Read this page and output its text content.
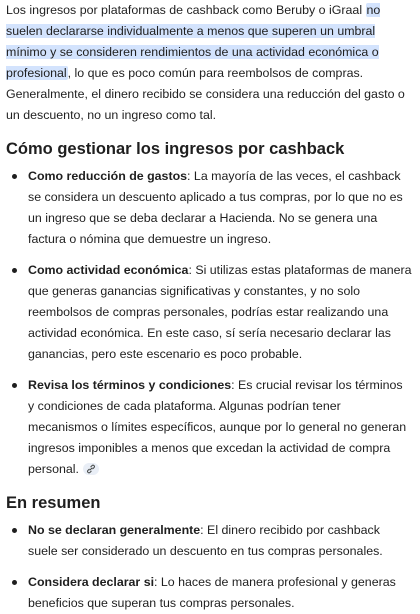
Los ingresos por plataformas de cashback como Beruby o iGraal no suelen declararse individualmente a menos que superen un umbral mínimo y se consideren rendimientos de una actividad económica o profesional, lo que es poco común para reembolsos de compras. Generalmente, el dinero recibido se considera una reducción del gasto o un descuento, no un ingreso como tal.

Cómo gestionar los ingresos por cashback
Como reducción de gastos: La mayoría de las veces, el cashback se considera un descuento aplicado a tus compras, por lo que no es un ingreso que se deba declarar a Hacienda. No se genera una factura o nómina que demuestre un ingreso.
Como actividad económica: Si utilizas estas plataformas de manera que generas ganancias significativas y constantes, y no solo reembolsos de compras personales, podrías estar realizando una actividad económica. En este caso, sí sería necesario declarar las ganancias, pero este escenario es poco probable.
Revisa los términos y condiciones: Es crucial revisar los términos y condiciones de cada plataforma. Algunas podrían tener mecanismos o límites específicos, aunque por lo general no generan ingresos imponibles a menos que excedan la actividad de compra personal.
En resumen
No se declaran generalmente: El dinero recibido por cashback suele ser considerado un descuento en tus compras personales.
Considera declarar si: Lo haces de manera profesional y generas beneficios que superan tus compras personales.
